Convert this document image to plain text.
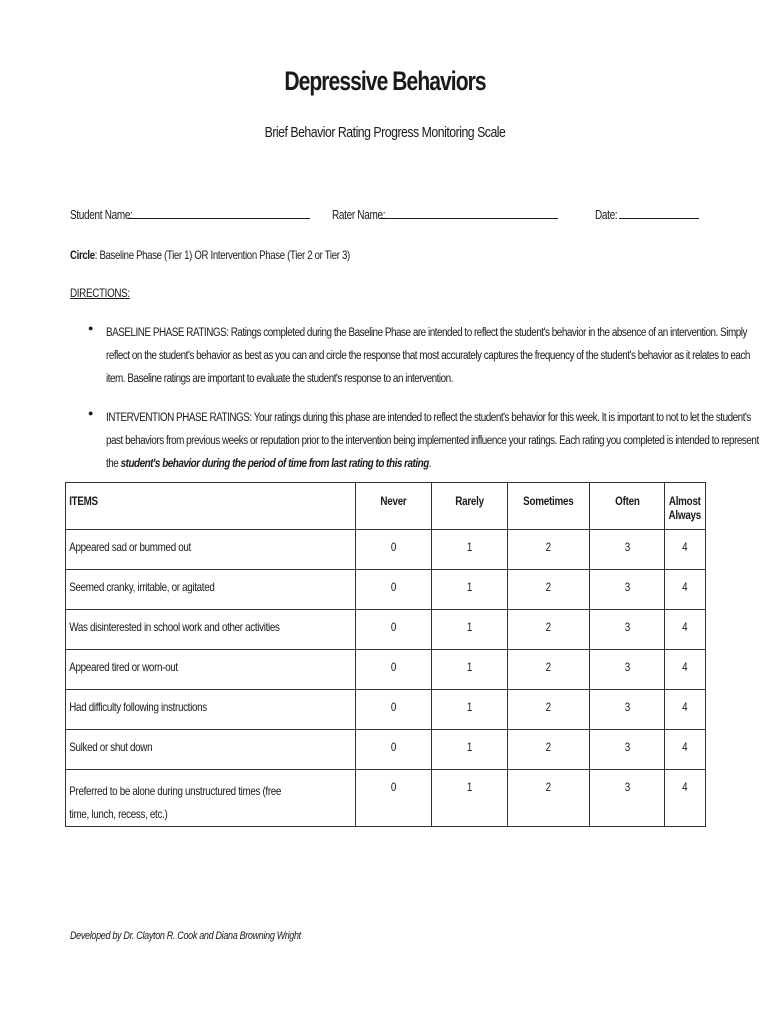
Depressive Behaviors
Brief Behavior Rating Progress Monitoring Scale
Student Name:	Rater Name:	Date:
Circle: Baseline Phase (Tier 1) OR Intervention Phase (Tier 2 or Tier 3)
DIRECTIONS:
● BASELINE PHASE RATINGS: Ratings completed during the Baseline Phase are intended to reflect the student's behavior in the absence of an intervention. Simply
reflect on the student's behavior as best as you can and circle the response that most accurately captures the frequency of the student's behavior as it relates to each
item. Baseline ratings are important to evaluate the student's response to an intervention.
● INTERVENTION PHASE RATINGS: Your ratings during this phase are intended to reflect the student's behavior for this week. It is important to not to let the student's
past behaviors from previous weeks or reputation prior to the intervention being implemented influence your ratings. Each rating you completed is intended to represent
the student's behavior during the period of time from last rating to this rating.
ITEMS	Never	Rarely	Sometimes	Often	Almost Always

Appeared sad or bummed out	0	1	2	3	4

Seemed cranky, irritable, or agitated	0	1	2	3	4

Was disinterested in school work and other activities	0	1	2	3	4

Appeared tired or worn-out	0	1	2	3	4

Had difficulty following instructions	0	1	2	3	4

Sulked or shut down	0	1	2	3	4

Preferred to be alone during unstructured times (free time, lunch, recess, etc.)	0	1	2	3	4
Developed by Dr. Clayton R. Cook and Diana Browning Wright
